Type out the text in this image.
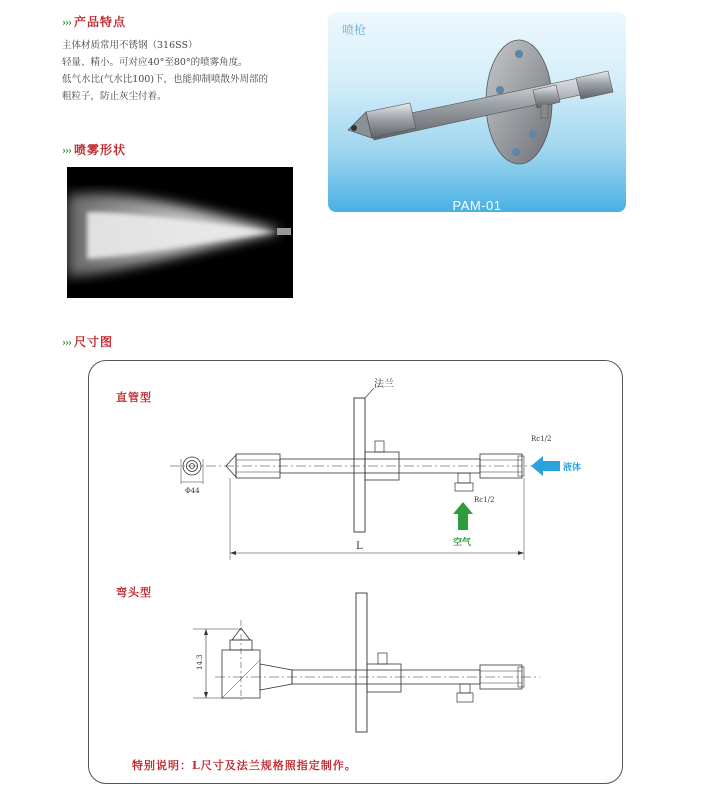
››› 产品特点
主体材质常用不锈钢（316SS）
轻量、精小。可对应40°至80°的喷雾角度。
低气水比(气水比100)下，也能抑制喷散外周部的
粗粒子，防止灰尘付着。
››› 喷雾形状
喷枪
PAM-01
››› 尺寸图
直管型
弯头型
特别说明：L尺寸及法兰规格照指定制作。
Φ44
法兰
Rc1/2
Rc1/2
液体
空气
L
14.3
